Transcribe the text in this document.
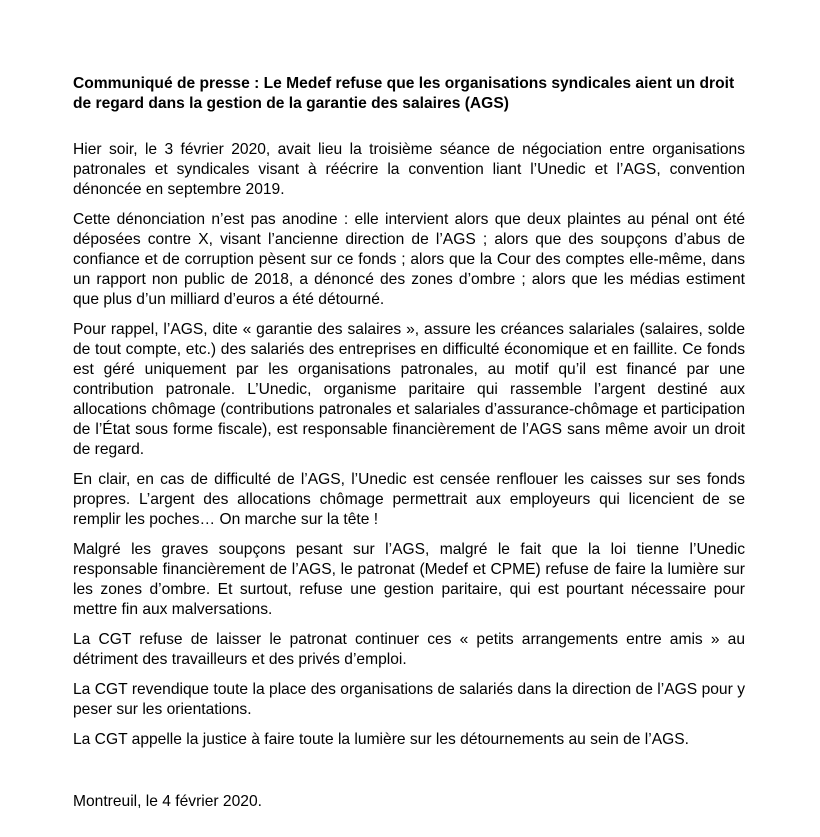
Communiqué de presse : Le Medef refuse que les organisations syndicales aient un droit de regard dans la gestion de la garantie des salaires (AGS)

Hier soir, le 3 février 2020, avait lieu la troisième séance de négociation entre organisations patronales et syndicales visant à réécrire la convention liant l’Unedic et l’AGS, convention dénoncée en septembre 2019.

Cette dénonciation n’est pas anodine : elle intervient alors que deux plaintes au pénal ont été déposées contre X, visant l’ancienne direction de l’AGS ; alors que des soupçons d’abus de confiance et de corruption pèsent sur ce fonds ; alors que la Cour des comptes elle-même, dans un rapport non public de 2018, a dénoncé des zones d’ombre ; alors que les médias estiment que plus d’un milliard d’euros a été détourné.

Pour rappel, l’AGS, dite « garantie des salaires », assure les créances salariales (salaires, solde de tout compte, etc.) des salariés des entreprises en difficulté économique et en faillite. Ce fonds est géré uniquement par les organisations patronales, au motif qu’il est financé par une contribution patronale. L’Unedic, organisme paritaire qui rassemble l’argent destiné aux allocations chômage (contributions patronales et salariales d’assurance-chômage et participation de l’État sous forme fiscale), est responsable financièrement de l’AGS sans même avoir un droit de regard.

En clair, en cas de difficulté de l’AGS, l’Unedic est censée renflouer les caisses sur ses fonds propres. L’argent des allocations chômage permettrait aux employeurs qui licencient de se remplir les poches… On marche sur la tête !

Malgré les graves soupçons pesant sur l’AGS, malgré le fait que la loi tienne l’Unedic responsable financièrement de l’AGS, le patronat (Medef et CPME) refuse de faire la lumière sur les zones d’ombre. Et surtout, refuse une gestion paritaire, qui est pourtant nécessaire pour mettre fin aux malversations.

La CGT refuse de laisser le patronat continuer ces « petits arrangements entre amis » au détriment des travailleurs et des privés d’emploi.

La CGT revendique toute la place des organisations de salariés dans la direction de l’AGS pour y peser sur les orientations.

La CGT appelle la justice à faire toute la lumière sur les détournements au sein de l’AGS.

Montreuil, le 4 février 2020.
